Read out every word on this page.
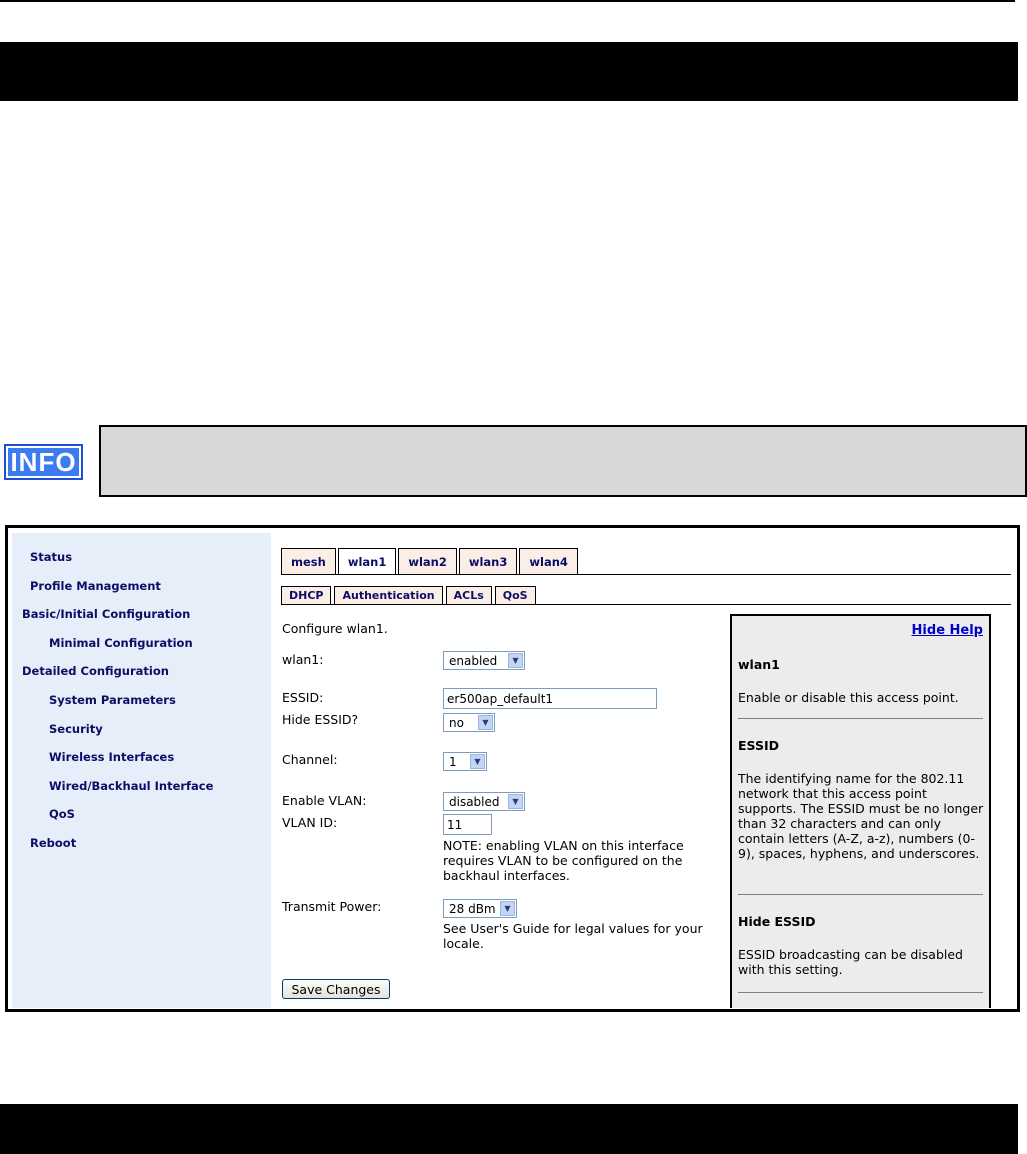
INFO
Status
Profile Management
Basic/Initial Configuration
Minimal Configuration
Detailed Configuration
System Parameters
Security
Wireless Interfaces
Wired/Backhaul Interface
QoS
Reboot
mesh	wlan1	wlan2	wlan3	wlan4
DHCP	Authentication	ACLs	QoS
Configure wlan1.
wlan1:	enabled	▼
ESSID:
er500ap_default1
Hide ESSID?	no	▼
Channel:	1	▼
Enable VLAN:	disabled	▼
VLAN ID:
11
NOTE: enabling VLAN on this interface requires VLAN to be configured on the backhaul interfaces.
Transmit Power:	28 dBm	▼
See User's Guide for legal values for your locale.
Save Changes
Hide Help
wlan1

Enable or disable this access point.

ESSID

The identifying name for the 802.11 network that this access point supports. The ESSID must be no longer than 32 characters and can only contain letters (A-Z, a-z), numbers (0-9), spaces, hyphens, and underscores.

Hide ESSID

ESSID broadcasting can be disabled with this setting.
